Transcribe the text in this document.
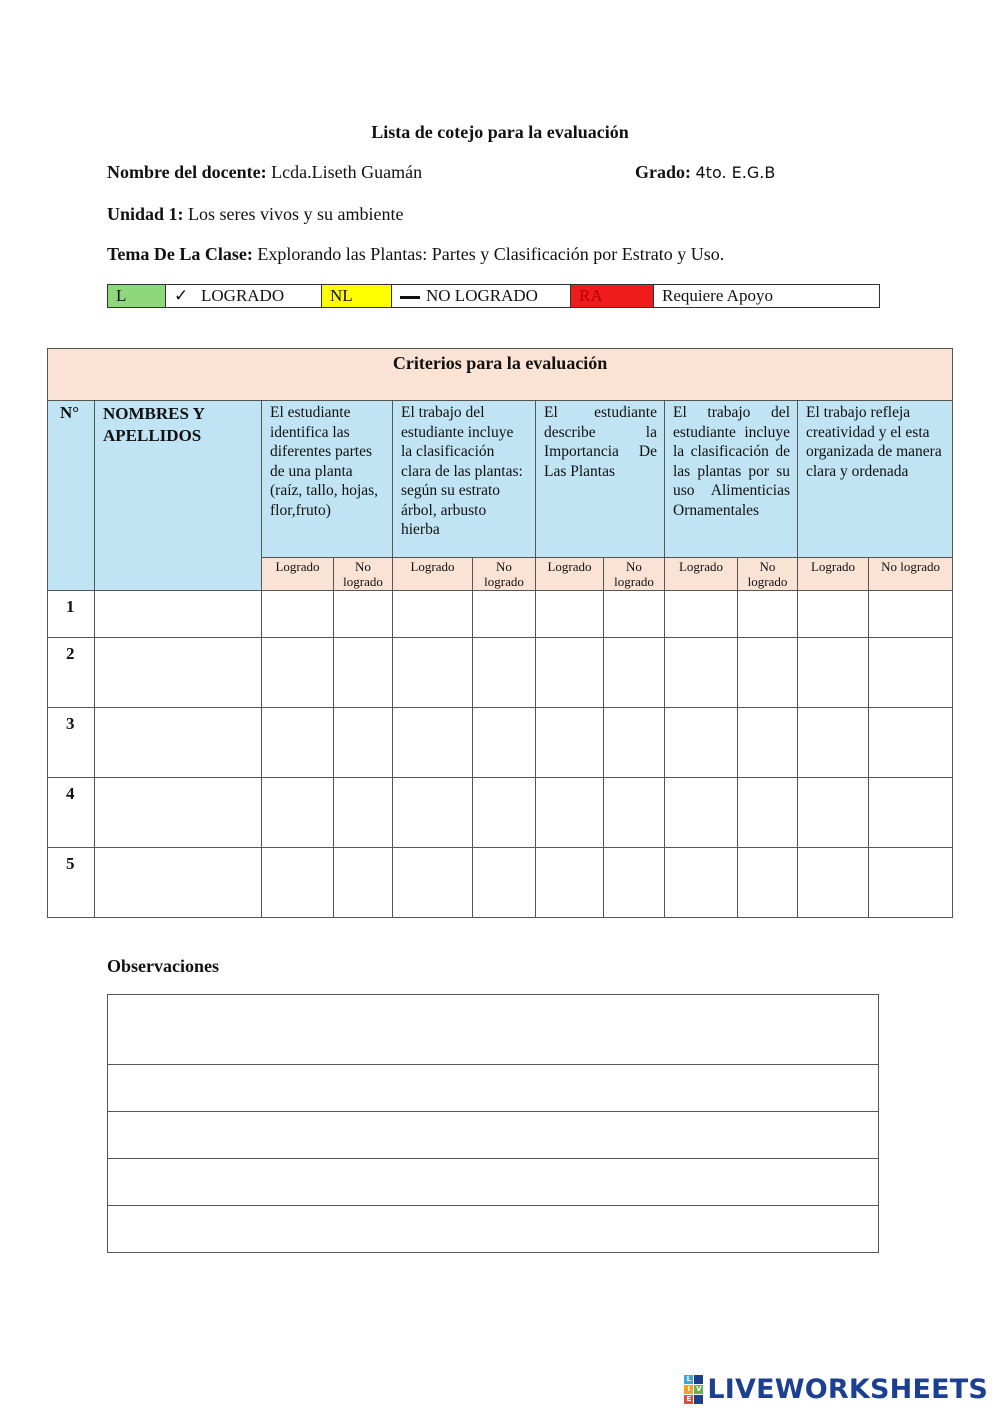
Lista de cotejo para la evaluación
Nombre del docente: Lcda.Liseth Guamán	Grado: 4to. E.G.B
Unidad 1: Los seres vivos y su ambiente
Tema De La Clase: Explorando las Plantas: Partes y Clasificación por Estrato y Uso.
L	✓ LOGRADO	NL	NO LOGRADO	RA	Requiere Apoyo
Criterios para la evaluación											
N°	NOMBRES Y APELLIDOS	El estudiante identifica las diferentes partes de una planta (raíz, tallo, hojas, flor,fruto)		El trabajo del estudiante incluye la clasificación clara de las plantas: según su estrato árbol, arbusto hierba		El estudiante describe la Importancia De Las Plantas		El trabajo del estudiante incluye la clasificación de las plantas por su uso Alimenticias Ornamentales		El trabajo refleja creatividad y el esta organizada de manera clara y ordenada	
		Logrado	No logrado	Logrado	No logrado	Logrado	No logrado	Logrado	No logrado	Logrado	No logrado
1											
2											
3											
4											
5											
Observaciones

L
I V
E LIVEWORKSHEETS
